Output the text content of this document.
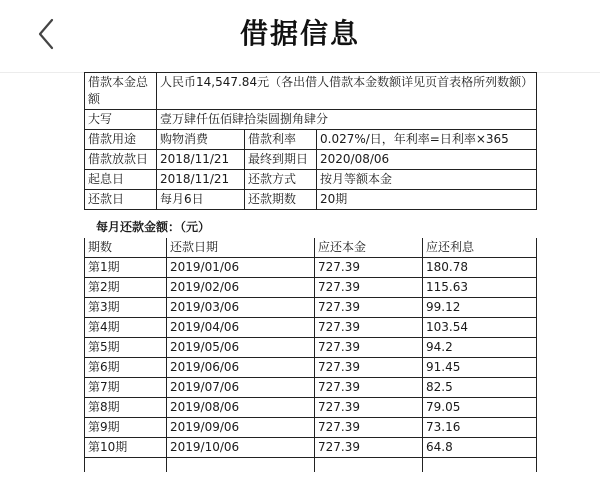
借据信息
借款本金总额	人民币14,547.84元（各出借人借款本金数额详见页首表格所列数额）		
大写	壹万肆仟伍佰肆拾柒圆捌角肆分		
借款用途	购物消费	借款利率	0.027%/日，年利率=日利率×365
借款放款日	2018/11/21	最终到期日	2020/08/06
起息日	2018/11/21	还款方式	按月等额本金
还款日	每月6日	还款期数	20期
每月还款金额：（元）
期数	还款日期	应还本金	应还利息
第1期	2019/01/06	727.39	180.78
第2期	2019/02/06	727.39	115.63
第3期	2019/03/06	727.39	99.12
第4期	2019/04/06	727.39	103.54
第5期	2019/05/06	727.39	94.2
第6期	2019/06/06	727.39	91.45
第7期	2019/07/06	727.39	82.5
第8期	2019/08/06	727.39	79.05
第9期	2019/09/06	727.39	73.16
第10期	2019/10/06	727.39	64.8
